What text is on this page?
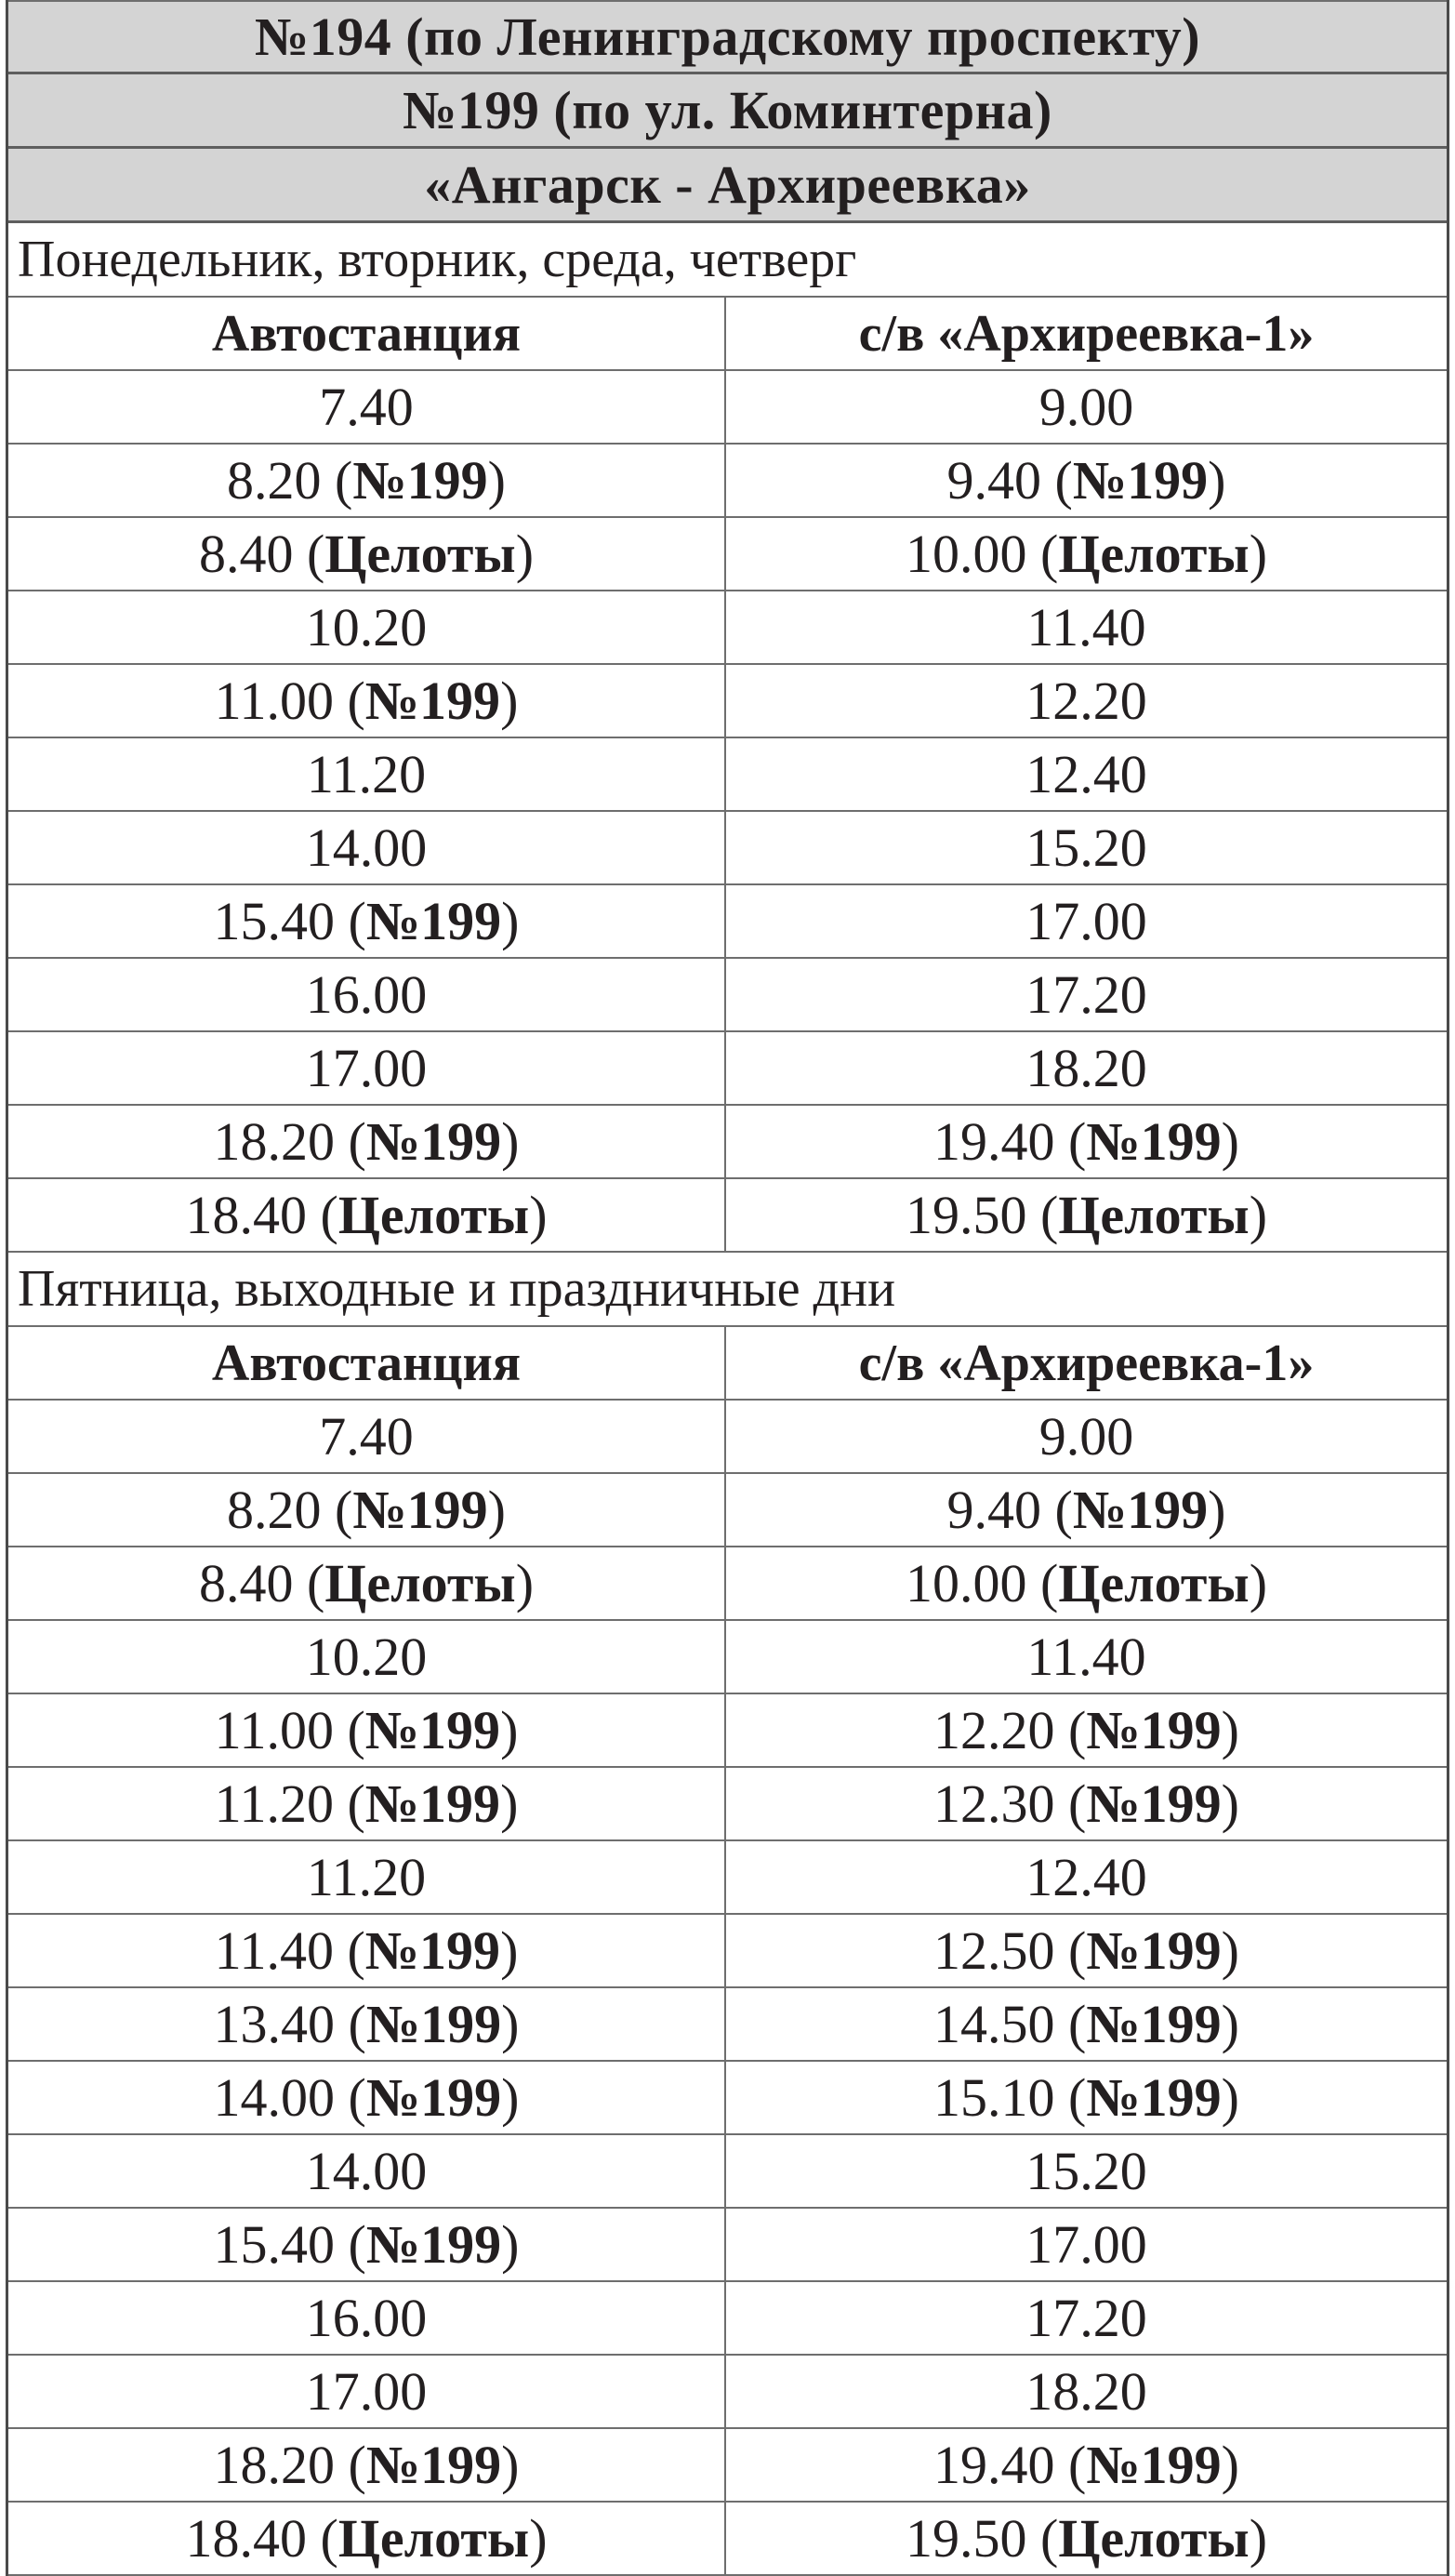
№194 (по Ленинградскому проспекту)
№199 (по ул. Коминтерна)
«Ангарск - Архиреевка»
Понедельник, вторник, среда, четверг
Автостанция	с/в «Архиреевка-1»
7.40	9.00
8.20 ( №199 )	9.40 ( №199 )
8.40 ( Целоты )	10.00 ( Целоты )
10.20	11.40
11.00 ( №199 )	12.20
11.20	12.40
14.00	15.20
15.40 ( №199 )	17.00
16.00	17.20
17.00	18.20
18.20 ( №199 )	19.40 ( №199 )
18.40 ( Целоты )	19.50 ( Целоты )
Пятница, выходные и праздничные дни
Автостанция	с/в «Архиреевка-1»
7.40	9.00
8.20 ( №199 )	9.40 ( №199 )
8.40 ( Целоты )	10.00 ( Целоты )
10.20	11.40
11.00 ( №199 )	12.20 ( №199 )
11.20 ( №199 )	12.30 ( №199 )
11.20	12.40
11.40 ( №199 )	12.50 ( №199 )
13.40 ( №199 )	14.50 ( №199 )
14.00 ( №199 )	15.10 ( №199 )
14.00	15.20
15.40 ( №199 )	17.00
16.00	17.20
17.00	18.20
18.20 ( №199 )	19.40 ( №199 )
18.40 ( Целоты )	19.50 ( Целоты )
